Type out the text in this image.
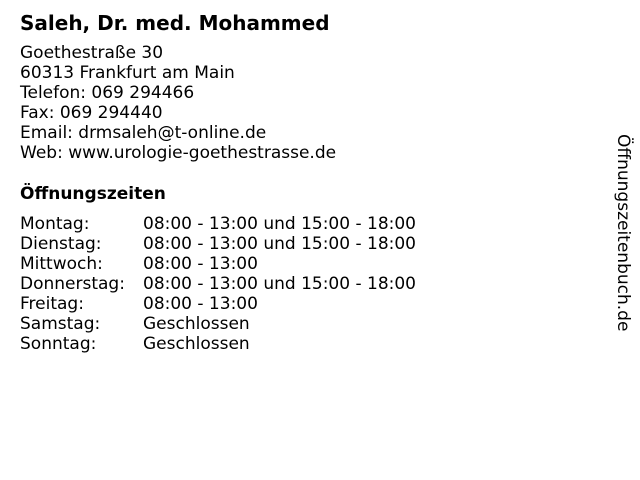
Saleh, Dr. med. Mohammed
Goethestraße 30
60313 Frankfurt am Main
Telefon: 069 294466
Fax: 069 294440
Email: drmsaleh@t-online.de
Web: www.urologie-goethestrasse.de
Öffnungszeiten
Montag:	08:00 - 13:00 und 15:00 - 18:00
Dienstag: 08:00 - 13:00 und 15:00 - 18:00
Mittwoch: 08:00 - 13:00
Donnerstag: 08:00 - 13:00 und 15:00 - 18:00
Freitag:	08:00 - 13:00
Samstag:	Geschlossen
Sonntag:	Geschlossen
Öffnungszeitenbuch.de
